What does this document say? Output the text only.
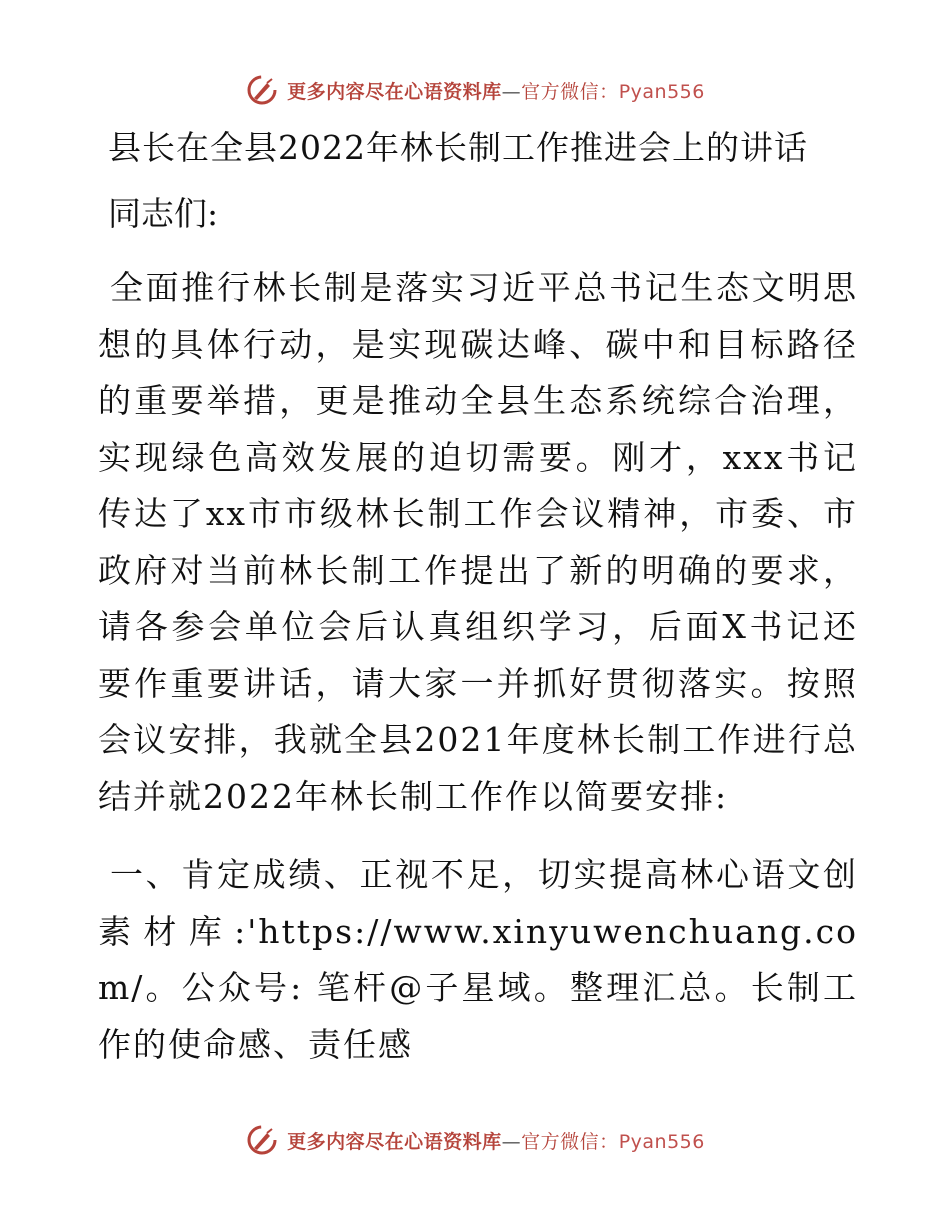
更多内容尽在心语资料库—官方微信：Pyan556
县长在全县2022年林长制工作推进会上的讲话

同志们:

全面推行林长制是落实习近平总书记生态文明思想的具体行动，是实现碳达峰、碳中和目标路径的重要举措，更是推动全县生态系统综合治理，实现绿色高效发展的迫切需要。刚才，xxx书记传达了xx市市级林长制工作会议精神，市委、市政府对当前林长制工作提出了新的明确的要求，请各参会单位会后认真组织学习，后面X书记还要作重要讲话，请大家一并抓好贯彻落实。按照会议安排，我就全县2021年度林长制工作进行总结并就2022年林长制工作作以简要安排:

一、肯定成绩、正视不足，切实提高林心语文创素材库:'https://www.xinyuwenchuang.com/。公众号: 笔杆@子星域。整理汇总。长制工作的使命感、责任感

更多内容尽在心语资料库—官方微信：Pyan556
